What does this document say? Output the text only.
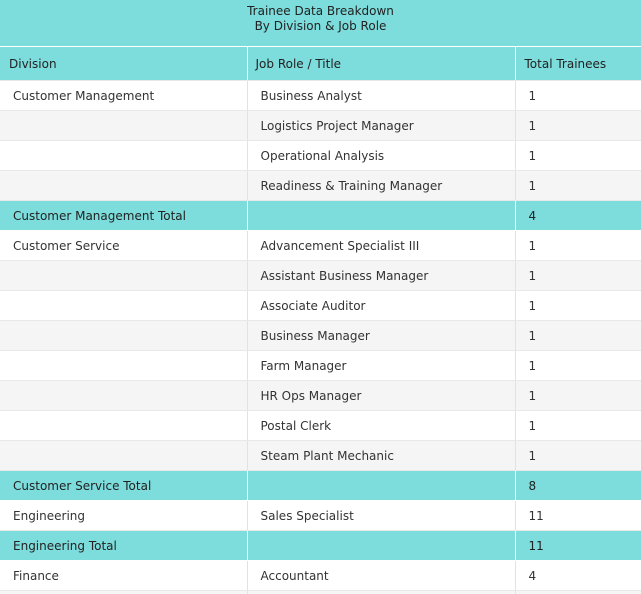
Trainee Data Breakdown
By Division & Job Role
Division	Job Role / Title	Total Trainees
Customer Management	Business Analyst	1
	Logistics Project Manager	1
	Operational Analysis	1
	Readiness & Training Manager	1
Customer Management Total		4
Customer Service	Advancement Specialist III	1
	Assistant Business Manager	1
	Associate Auditor	1
	Business Manager	1
	Farm Manager	1
	HR Ops Manager	1
	Postal Clerk	1
	Steam Plant Mechanic	1
Customer Service Total		8
Engineering	Sales Specialist	11
Engineering Total		11
Finance	Accountant	4
